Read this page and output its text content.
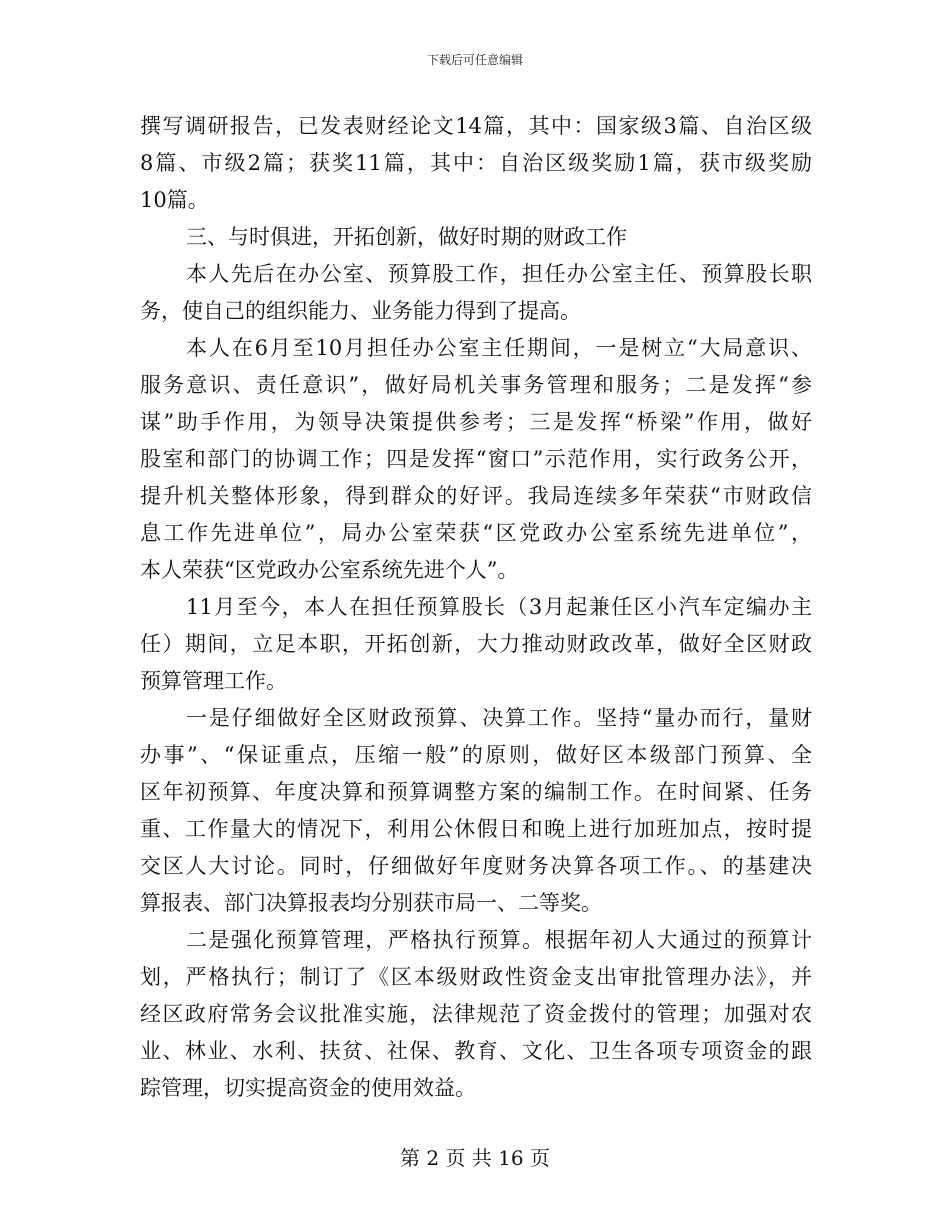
下载后可任意编辑
撰写调研报告，已发表财经论文14篇，其中：国家级3篇、自治区级
8篇、市级2篇；获奖11篇，其中：自治区级奖励1篇，获市级奖励
10篇。
三、与时俱进，开拓创新，做好时期的财政工作
本人先后在办公室、预算股工作，担任办公室主任、预算股长职
务，使自己的组织能力、业务能力得到了提高。
本人在6月至10月担任办公室主任期间，一是树立“大局意识、
服务意识、责任意识”，做好局机关事务管理和服务；二是发挥“参
谋”助手作用，为领导决策提供参考；三是发挥“桥梁”作用，做好
股室和部门的协调工作；四是发挥“窗口”示范作用，实行政务公开，
提升机关整体形象，得到群众的好评。我局连续多年荣获“市财政信
息工作先进单位”，局办公室荣获“区党政办公室系统先进单位”，
本人荣获“区党政办公室系统先进个人”。
11月至今，本人在担任预算股长（3月起兼任区小汽车定编办主
任）期间，立足本职，开拓创新，大力推动财政改革，做好全区财政
预算管理工作。
一是仔细做好全区财政预算、决算工作。坚持“量办而行，量财
办事”、“保证重点，压缩一般”的原则，做好区本级部门预算、全
区年初预算、年度决算和预算调整方案的编制工作。在时间紧、任务
重、工作量大的情况下，利用公休假日和晚上进行加班加点，按时提
交区人大讨论。同时，仔细做好年度财务决算各项工作。、的基建决
算报表、部门决算报表均分别获市局一、二等奖。
二是强化预算管理，严格执行预算。根据年初人大通过的预算计
划，严格执行；制订了《区本级财政性资金支出审批管理办法》，并
经区政府常务会议批准实施，法律规范了资金拨付的管理；加强对农
业、林业、水利、扶贫、社保、教育、文化、卫生各项专项资金的跟
踪管理，切实提高资金的使用效益。
第 2 页 共 16 页
